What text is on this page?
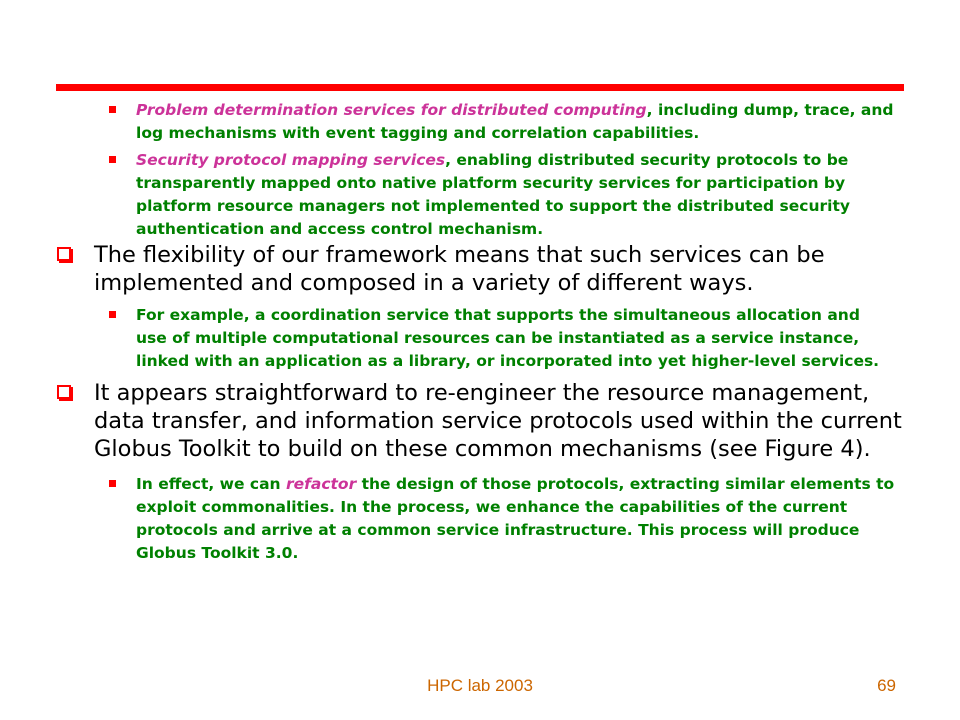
Problem determination services for distributed computing, including dump, trace, and log mechanisms with event tagging and correlation capabilities.
Security protocol mapping services, enabling distributed security protocols to be transparently mapped onto native platform security services for participation by platform resource managers not implemented to support the distributed security authentication and access control mechanism.
The flexibility of our framework means that such services can be implemented and composed in a variety of different ways.
For example, a coordination service that supports the simultaneous allocation and use of multiple computational resources can be instantiated as a service instance, linked with an application as a library, or incorporated into yet higher-level services.
It appears straightforward to re-engineer the resource management, data transfer, and information service protocols used within the current Globus Toolkit to build on these common mechanisms (see Figure 4).
In effect, we can refactor the design of those protocols, extracting similar elements to exploit commonalities. In the process, we enhance the capabilities of the current protocols and arrive at a common service infrastructure. This process will produce Globus Toolkit 3.0.
HPC lab 2003	69
